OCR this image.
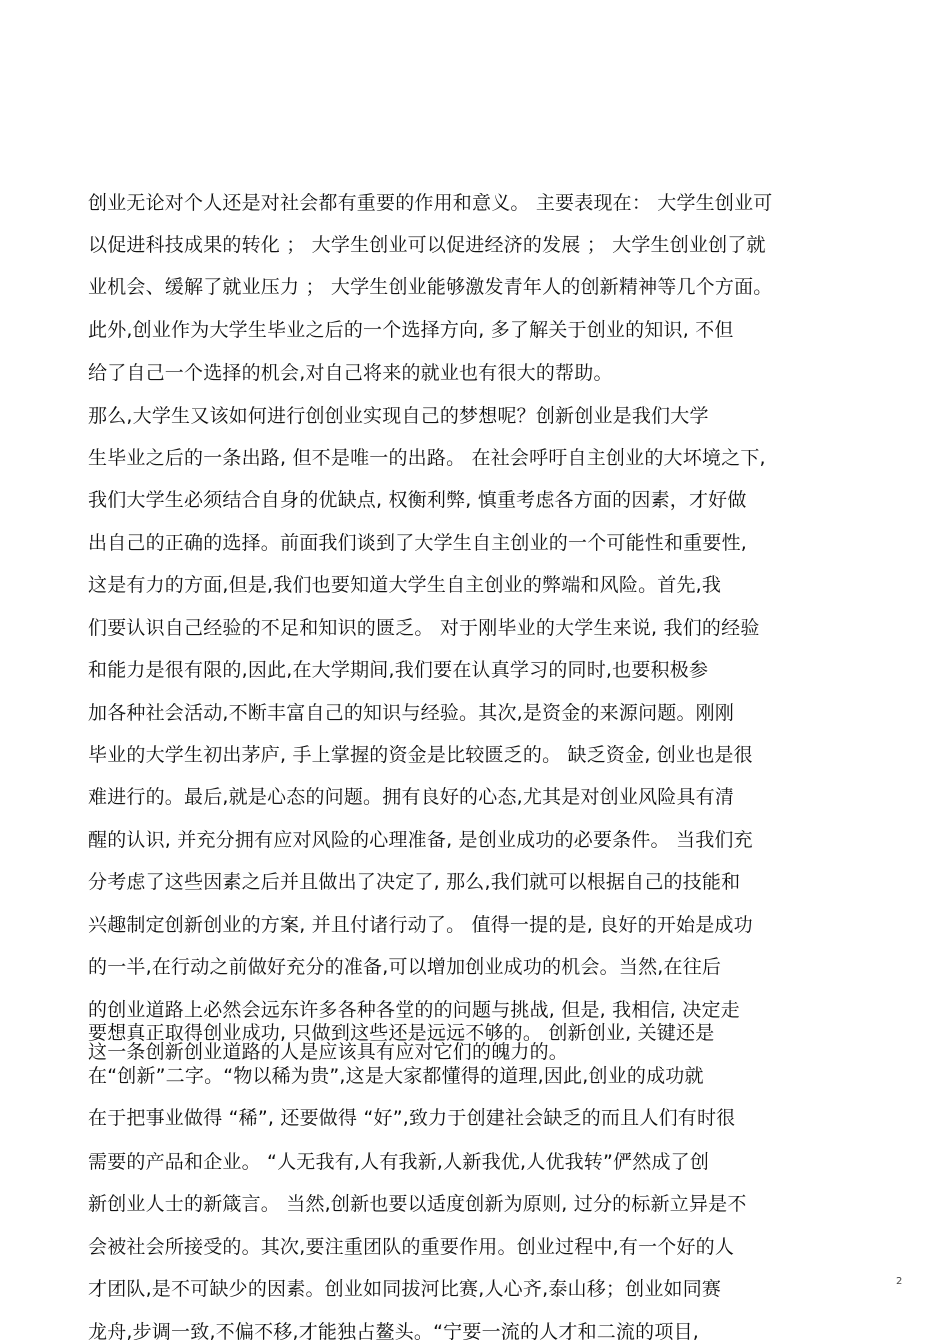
创业无论对个人还是对社会都有重要的作用和意义。 主要表现在： 大学生创业可
以促进科技成果的转化 ； 大学生创业可以促进经济的发展 ； 大学生创业创了就
业机会、缓解了就业压力 ； 大学生创业能够激发青年人的创新精神等几个方面。
此外,创业作为大学生毕业之后的一个选择方向, 多了解关于创业的知识, 不但
给了自己一个选择的机会,对自己将来的就业也有很大的帮助。
那么,大学生又该如何进行创创业实现自己的梦想呢？创新创业是我们大学
生毕业之后的一条出路, 但不是唯一的出路。 在社会呼吁自主创业的大坏境之下,
我们大学生必须结合自身的优缺点, 权衡利弊, 慎重考虑各方面的因素，才好做
出自己的正确的选择。前面我们谈到了大学生自主创业的一个可能性和重要性,
这是有力的方面,但是,我们也要知道大学生自主创业的弊端和风险。首先,我
们要认识自己经验的不足和知识的匮乏。 对于刚毕业的大学生来说, 我们的经验
和能力是很有限的,因此,在大学期间,我们要在认真学习的同时,也要积极参
加各种社会活动,不断丰富自己的知识与经验。其次,是资金的来源问题。刚刚
毕业的大学生初出茅庐, 手上掌握的资金是比较匮乏的。 缺乏资金, 创业也是很
难进行的。最后,就是心态的问题。拥有良好的心态,尤其是对创业风险具有清
醒的认识, 并充分拥有应对风险的心理准备, 是创业成功的必要条件。 当我们充
分考虑了这些因素之后并且做出了决定了, 那么,我们就可以根据自己的技能和
兴趣制定创新创业的方案, 并且付诸行动了。 值得一提的是, 良好的开始是成功
的一半,在行动之前做好充分的准备,可以增加创业成功的机会。当然,在往后
的创业道路上必然会远东许多各种各堂的的问题与挑战, 但是, 我相信, 决定走
这一条创新创业道路的人是应该具有应对它们的魄力的。
要想真正取得创业成功, 只做到这些还是远远不够的。 创新创业, 关键还是
在“创新”二字。“物以稀为贵”,这是大家都懂得的道理,因此,创业的成功就
在于把事业做得 “稀”, 还要做得 “好”,致力于创建社会缺乏的而且人们有时很
需要的产品和企业。 “人无我有,人有我新,人新我优,人优我转”俨然成了创
新创业人士的新箴言。 当然,创新也要以适度创新为原则, 过分的标新立异是不
会被社会所接受的。其次,要注重团队的重要作用。创业过程中,有一个好的人
才团队,是不可缺少的因素。创业如同拔河比赛,人心齐,泰山移；创业如同赛
龙舟,步调一致,不偏不移,才能独占鳌头。“宁要一流的人才和二流的项目,
2
